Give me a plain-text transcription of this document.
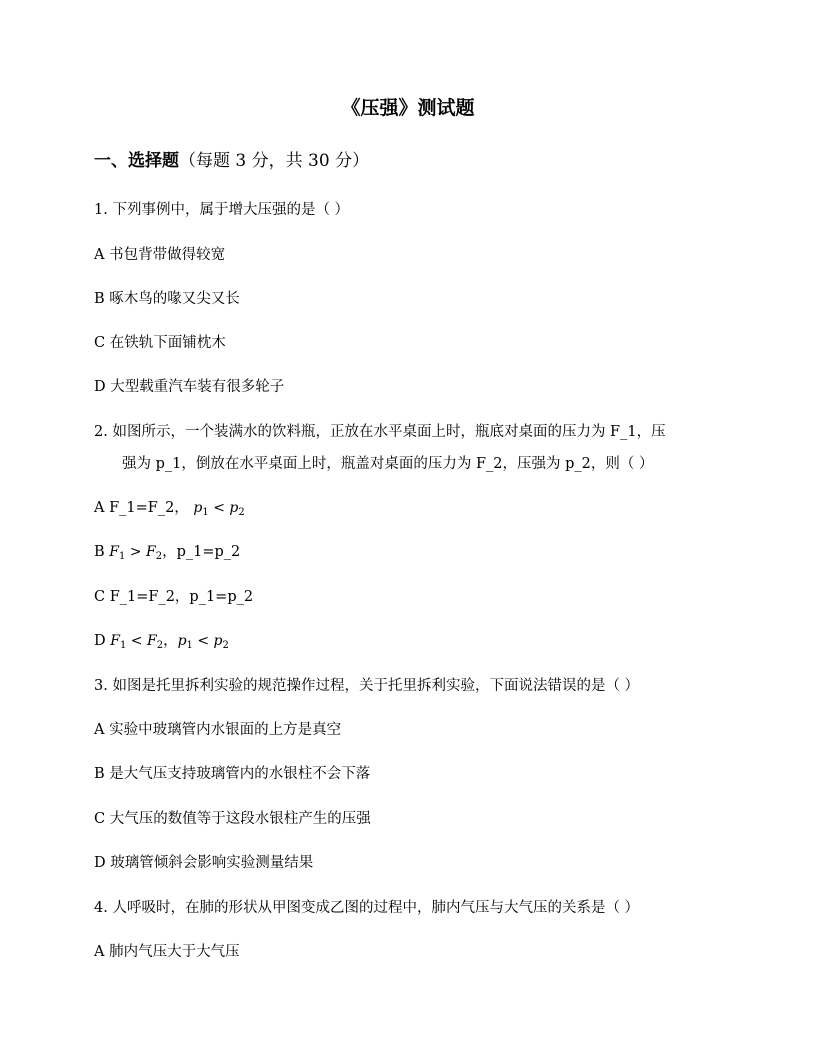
《压强》测试题
一、选择题（每题 3 分，共 30 分）
1. 下列事例中，属于增大压强的是（ ）
A 书包背带做得较宽
B 啄木鸟的喙又尖又长
C 在铁轨下面铺枕木
D 大型载重汽车装有很多轮子
2. 如图所示，一个装满水的饮料瓶，正放在水平桌面上时，瓶底对桌面的压力为 F_1，压
强为 p_1，倒放在水平桌面上时，瓶盖对桌面的压力为 F_2，压强为 p_2，则（ ）
A F_1=F_2， $p_1 < p_2$
B $F_1 > F_2$，p_1=p_2
C F_1=F_2，p_1=p_2
D $F_1 < F_2$，$p_1 < p_2$
3. 如图是托里拆利实验的规范操作过程，关于托里拆利实验，下面说法错误的是（ ）
A 实验中玻璃管内水银面的上方是真空
B 是大气压支持玻璃管内的水银柱不会下落
C 大气压的数值等于这段水银柱产生的压强
D 玻璃管倾斜会影响实验测量结果
4. 人呼吸时，在肺的形状从甲图变成乙图的过程中，肺内气压与大气压的关系是（ ）
A 肺内气压大于大气压
